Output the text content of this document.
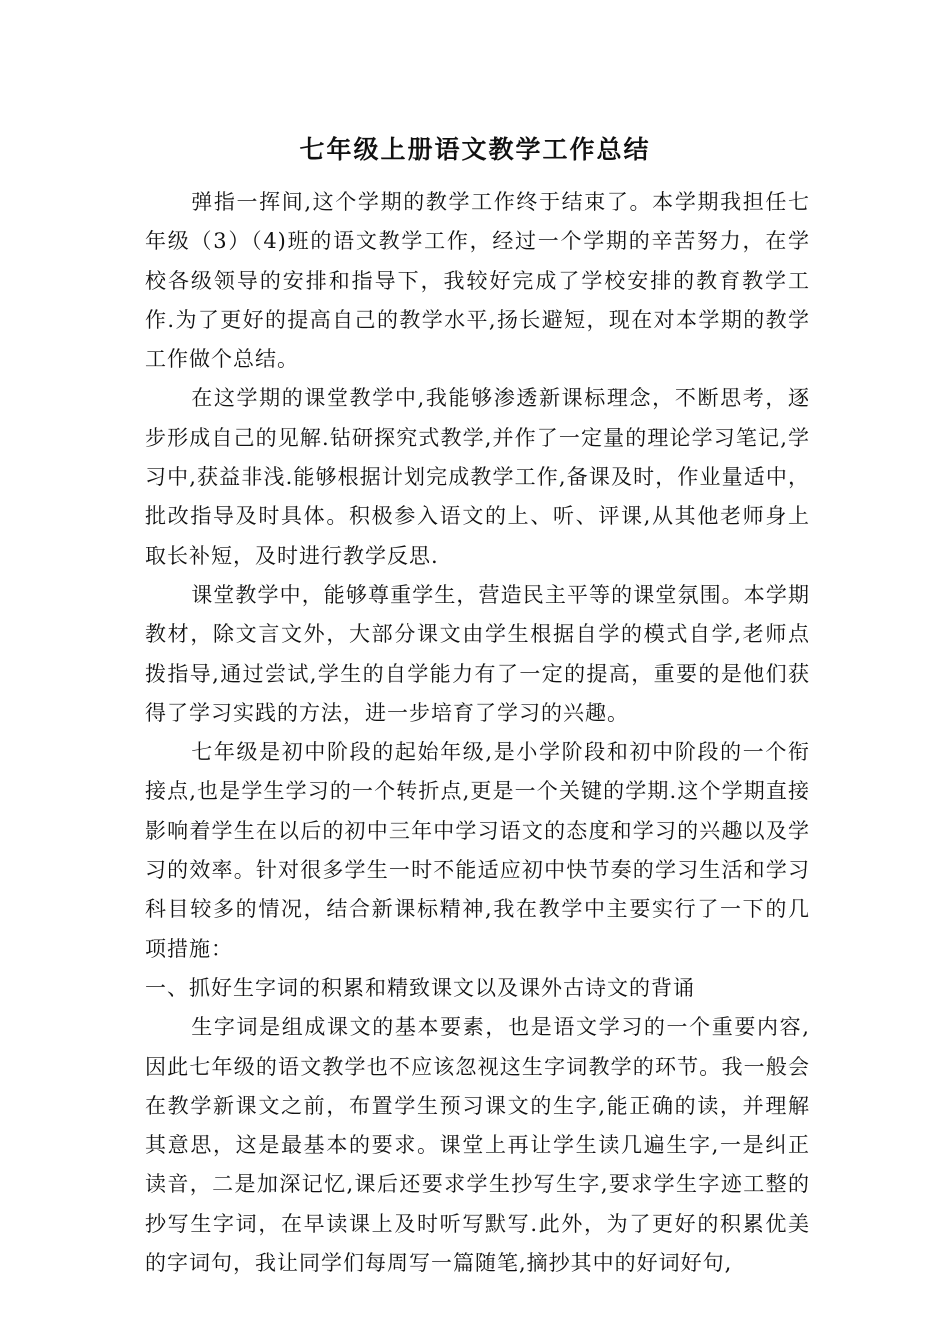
七年级上册语文教学工作总结

弹指一挥间,这个学期的教学工作终于结束了。本学期我担任七年级（3）（4)班的语文教学工作，经过一个学期的辛苦努力，在学校各级领导的安排和指导下，我较好完成了学校安排的教育教学工作.为了更好的提高自己的教学水平,扬长避短，现在对本学期的教学工作做个总结。

在这学期的课堂教学中,我能够渗透新课标理念，不断思考，逐步形成自己的见解.钻研探究式教学,并作了一定量的理论学习笔记,学习中,获益非浅.能够根据计划完成教学工作,备课及时，作业量适中，批改指导及时具体。积极参入语文的上、听、评课,从其他老师身上取长补短，及时进行教学反思.

课堂教学中，能够尊重学生，营造民主平等的课堂氛围。本学期教材，除文言文外，大部分课文由学生根据自学的模式自学,老师点拨指导,通过尝试,学生的自学能力有了一定的提高，重要的是他们获得了学习实践的方法，进一步培育了学习的兴趣。

七年级是初中阶段的起始年级,是小学阶段和初中阶段的一个衔接点,也是学生学习的一个转折点,更是一个关键的学期.这个学期直接影响着学生在以后的初中三年中学习语文的态度和学习的兴趣以及学习的效率。针对很多学生一时不能适应初中快节奏的学习生活和学习科目较多的情况，结合新课标精神,我在教学中主要实行了一下的几项措施：

一、抓好生字词的积累和精致课文以及课外古诗文的背诵

生字词是组成课文的基本要素，也是语文学习的一个重要内容,因此七年级的语文教学也不应该忽视这生字词教学的环节。我一般会在教学新课文之前，布置学生预习课文的生字,能正确的读，并理解其意思，这是最基本的要求。课堂上再让学生读几遍生字,一是纠正读音，二是加深记忆,课后还要求学生抄写生字,要求学生字迹工整的抄写生字词，在早读课上及时听写默写.此外，为了更好的积累优美的字词句，我让同学们每周写一篇随笔,摘抄其中的好词好句,
